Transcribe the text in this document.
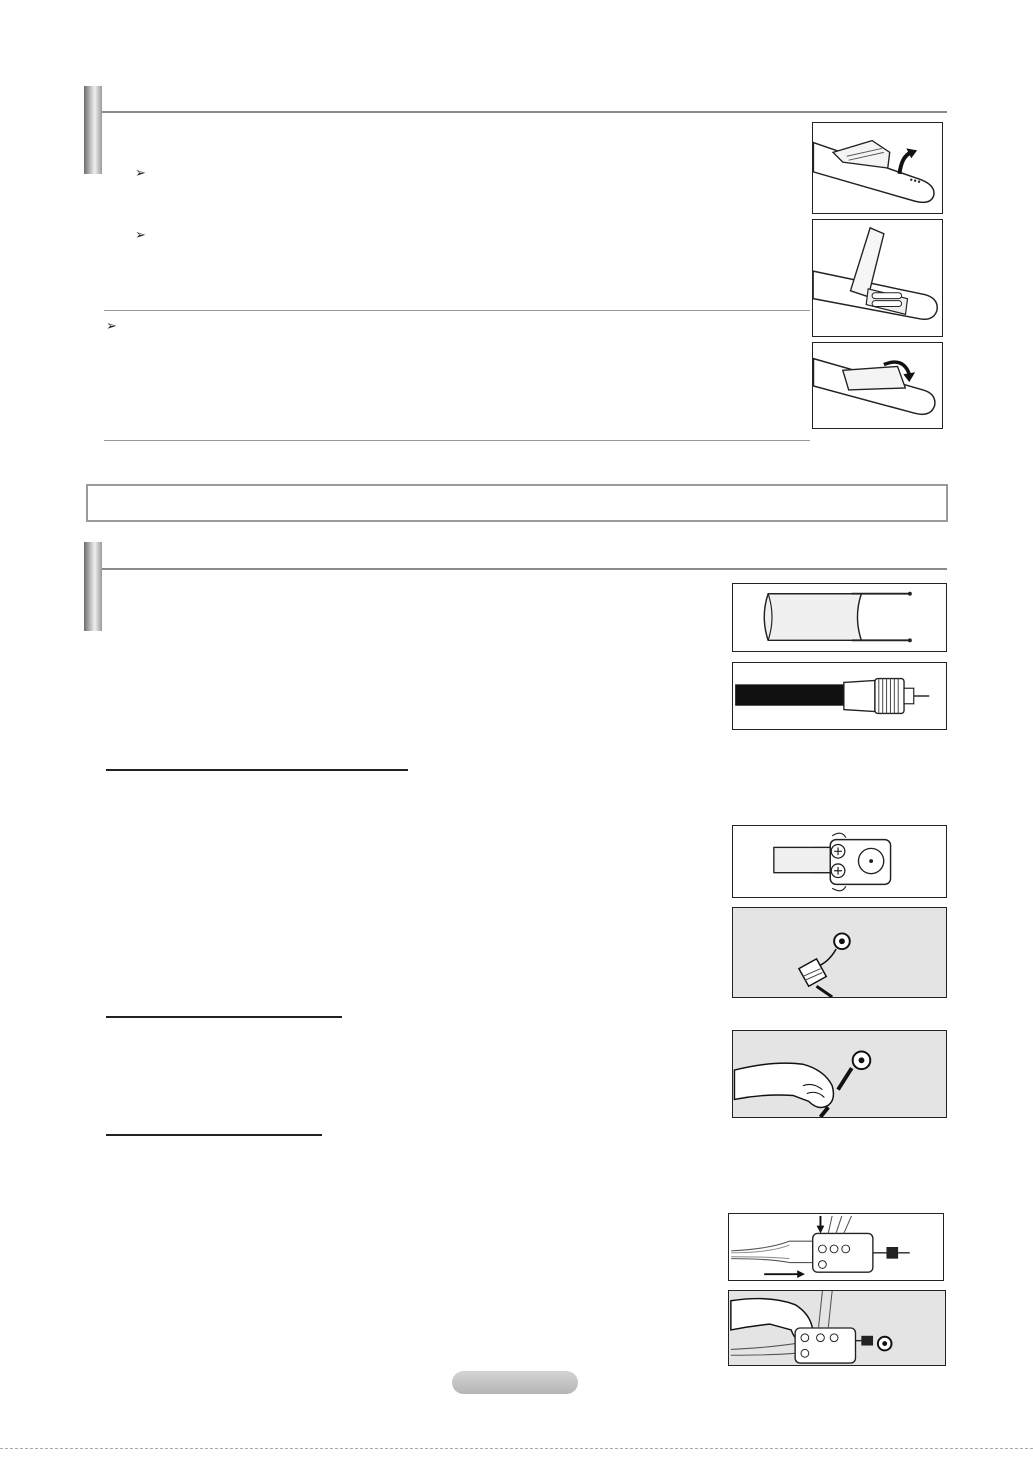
➢
➢
➢
